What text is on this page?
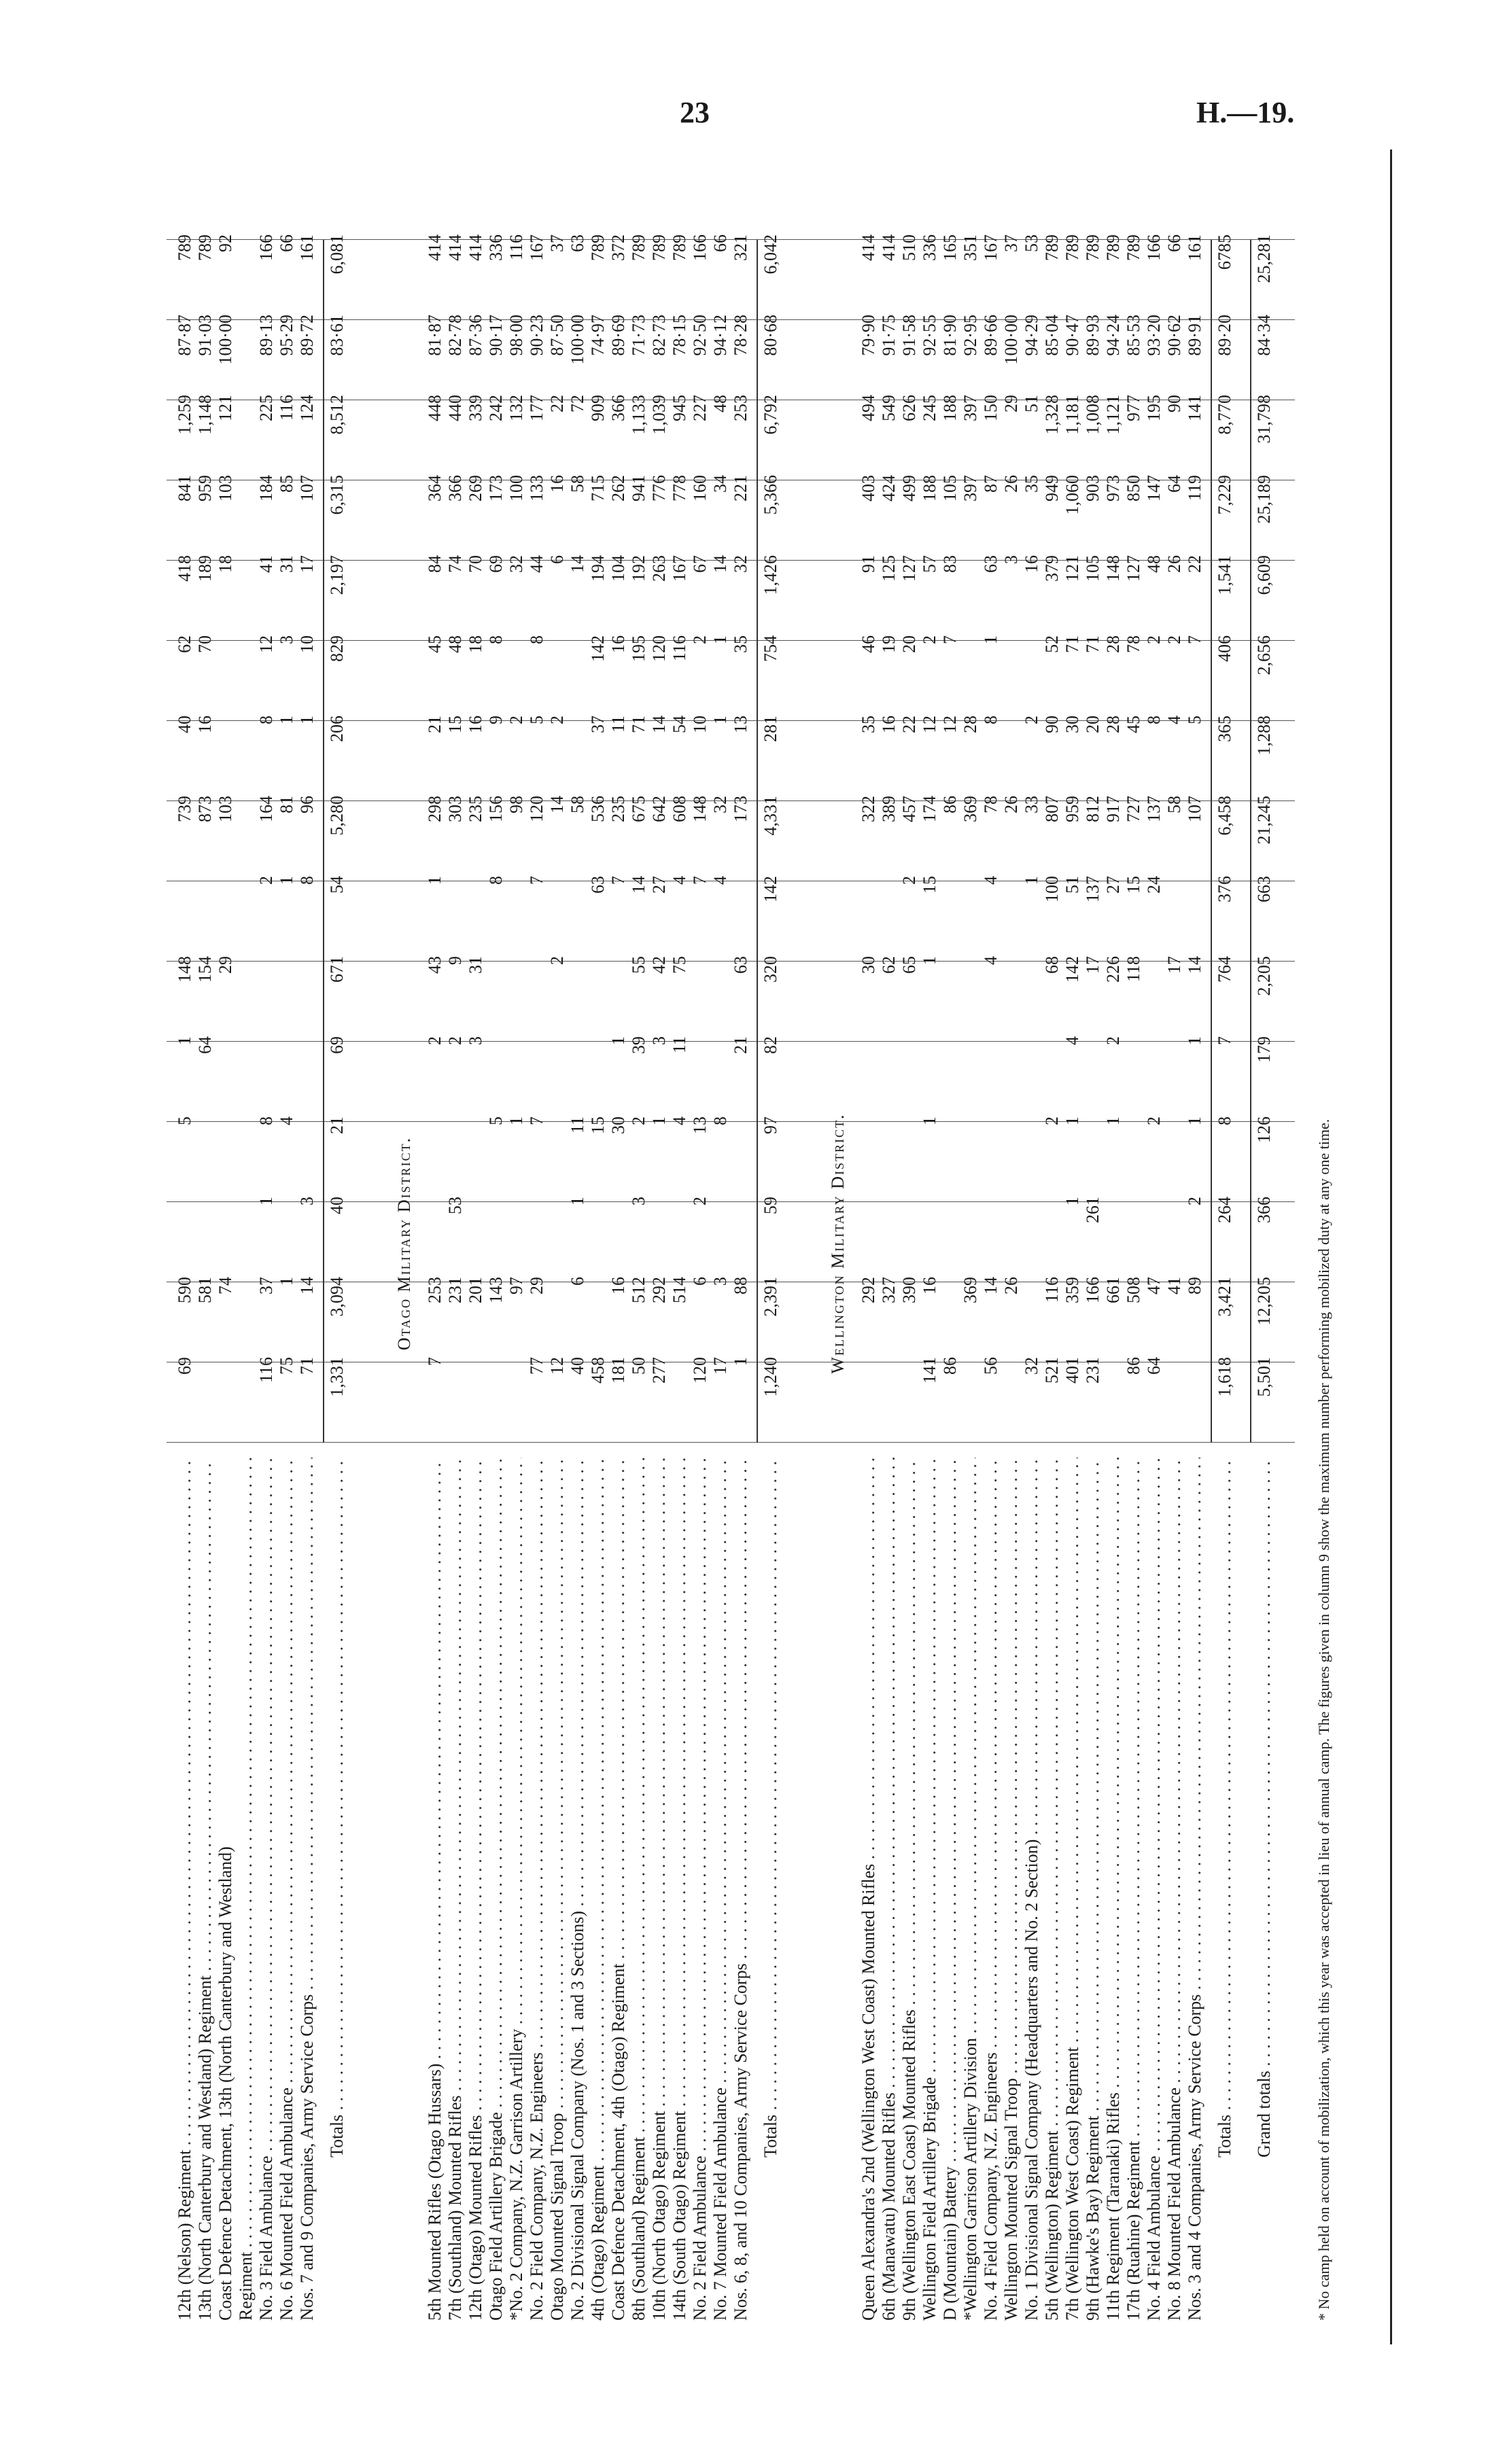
23	H.—19.
12th (Nelson) Regiment . . .
69
590
5
1
148
739
40
62
418
841
1,259
87·87
789
13th (North Canterbury and Westland) Regiment . . .
581
64
154
873
16
70
189
959
1,148
91·03
789
Coast Defence Detachment, 13th (North Canterbury and Westland)
74
29
103
18
103
121
100·00
92
Regiment . . . No. 3 Field Ambulance . . .
116
37
1
8
2
164
8
12
41
184
225
89·13
166
No. 6 Mounted Field Ambulance . . .
75
1
4
1
81
1
3
31
85
116
95·29
66
Nos. 7 and 9 Companies, Army Service Corps . . .
71
14
3
8
96
1
10
17
107
124
89·72
161
Totals . . .
1,331
3,094
40
21
69
671
54
5,280
206
829
2,197
6,315
8,512
83·61
6,081
Otago Military District.
5th Mounted Rifles (Otago Hussars) . . .
7
253
2
43
1
298
21
45
84
364
448
81·87
414
7th (Southland) Mounted Rifles . . .
231
53
2
9
303
15
48
74
366
440
82·78
414
12th (Otago) Mounted Rifles . . .
201
3
31
235
16
18
70
269
339
87·36
414
Otago Field Artillery Brigade . . .
143
5
8
156
9
8
69
173
242
90·17
336
*No. 2 Company, N.Z. Garrison Artillery . . .
97
1
98
2
32
100
132
98·00
116
No. 2 Field Company, N.Z. Engineers . . .
77
29
7
7
120
5
8
44
133
177
90·23
167
Otago Mounted Signal Troop . . .
12
2
14
2
6
16
22
87·50
37
No. 2 Divisional Signal Company (Nos. 1 and 3 Sections) . . .
40
6
1
11
58
14
58
72
100·00
63
4th (Otago) Regiment . . .
458
15
63
536
37
142
194
715
909
74·97
789
Coast Defence Detachment, 4th (Otago) Regiment . . .
181
16
30
1
7
235
11
16
104
262
366
89·69
372
8th (Southland) Regiment . . .
50
512
3
2
39
55
14
675
71
195
192
941
1,133
71·73
789
10th (North Otago) Regiment . . .
277
292
1
3
42
27
642
14
120
263
776
1,039
82·73
789
14th (South Otago) Regiment . . .
514
4
11
75
4
608
54
116
167
778
945
78·15
789
No. 2 Field Ambulance . . .
120
6
2
13
7
148
10
2
67
160
227
92·50
166
No. 7 Mounted Field Ambulance . . .
17
3
8
4
32
1
1
14
34
48
94·12
66
Nos. 6, 8, and 10 Companies, Army Service Corps . . .
1
88
21
63
173
13
35
32
221
253
78·28
321
Totals . . .
1,240
2,391
59
97
82
320
142
4,331
281
754
1,426
5,366
6,792
80·68
6,042
Wellington Military District.
Queen Alexandra's 2nd (Wellington West Coast) Mounted Rifles . . .
292
30
322
35
46
91
403
494
79·90
414
6th (Manawatu) Mounted Rifles . . .
327
62
389
16
19
125
424
549
91·75
414
9th (Wellington East Coast) Mounted Rifles . . .
390
65
2
457
22
20
127
499
626
91·58
510
Wellington Field Artillery Brigade . . .
141
16
1
1
15
174
12
2
57
188
245
92·55
336
D (Mountain) Battery . . .
86
86
12
7
83
105
188
81·90
165
*Wellington Garrison Artillery Division . . .
369
369
28
397
397
92·95
351
No. 4 Field Company, N.Z. Engineers . . .
56
14
4
4
78
8
1
63
87
150
89·66
167
Wellington Mounted Signal Troop . . .
26
26
3
26
29
100·00
37
No. 1 Divisional Signal Company (Headquarters and No. 2 Section) . . .
32
1
33
2
16
35
51
94·29
53
5th (Wellington) Regiment . . .
521
116
2
68
100
807
90
52
379
949
1,328
85·04
789
7th (Wellington West Coast) Regiment . . .
401
359
1
1
4
142
51
959
30
71
121
1,060
1,181
90·47
789
9th (Hawke's Bay) Regiment . . .
231
166
261
17
137
812
20
71
105
903
1,008
89·93
789
11th Regiment (Taranaki) Rifles . . .
661
1
2
226
27
917
28
28
148
973
1,121
94·24
789
17th (Ruahine) Regiment . . .
86
508
118
15
727
45
78
127
850
977
85·53
789
No. 4 Field Ambulance . . .
64
47
2
24
137
8
2
48
147
195
93·20
166
No. 8 Mounted Field Ambulance . . .
41
17
58
4
2
26
64
90
90·62
66
Nos. 3 and 4 Companies, Army Service Corps . . .
89
2
1
1
14
107
5
7
22
119
141
89·91
161
Totals . . .
1,618
3,421
264
8
7
764
376
6,458
365
406
1,541
7,229
8,770
89·20
6785
Grand totals . . .
5,501
12,205
366
126
179
2,205
663
21,245
1,288
2,656
6,609
25,189
31,798
84·34
25,281
* No camp held on account of mobilization, which this year was accepted in lieu of annual camp. The figures given in column 9 show the maximum number performing mobilized duty at any one time.
